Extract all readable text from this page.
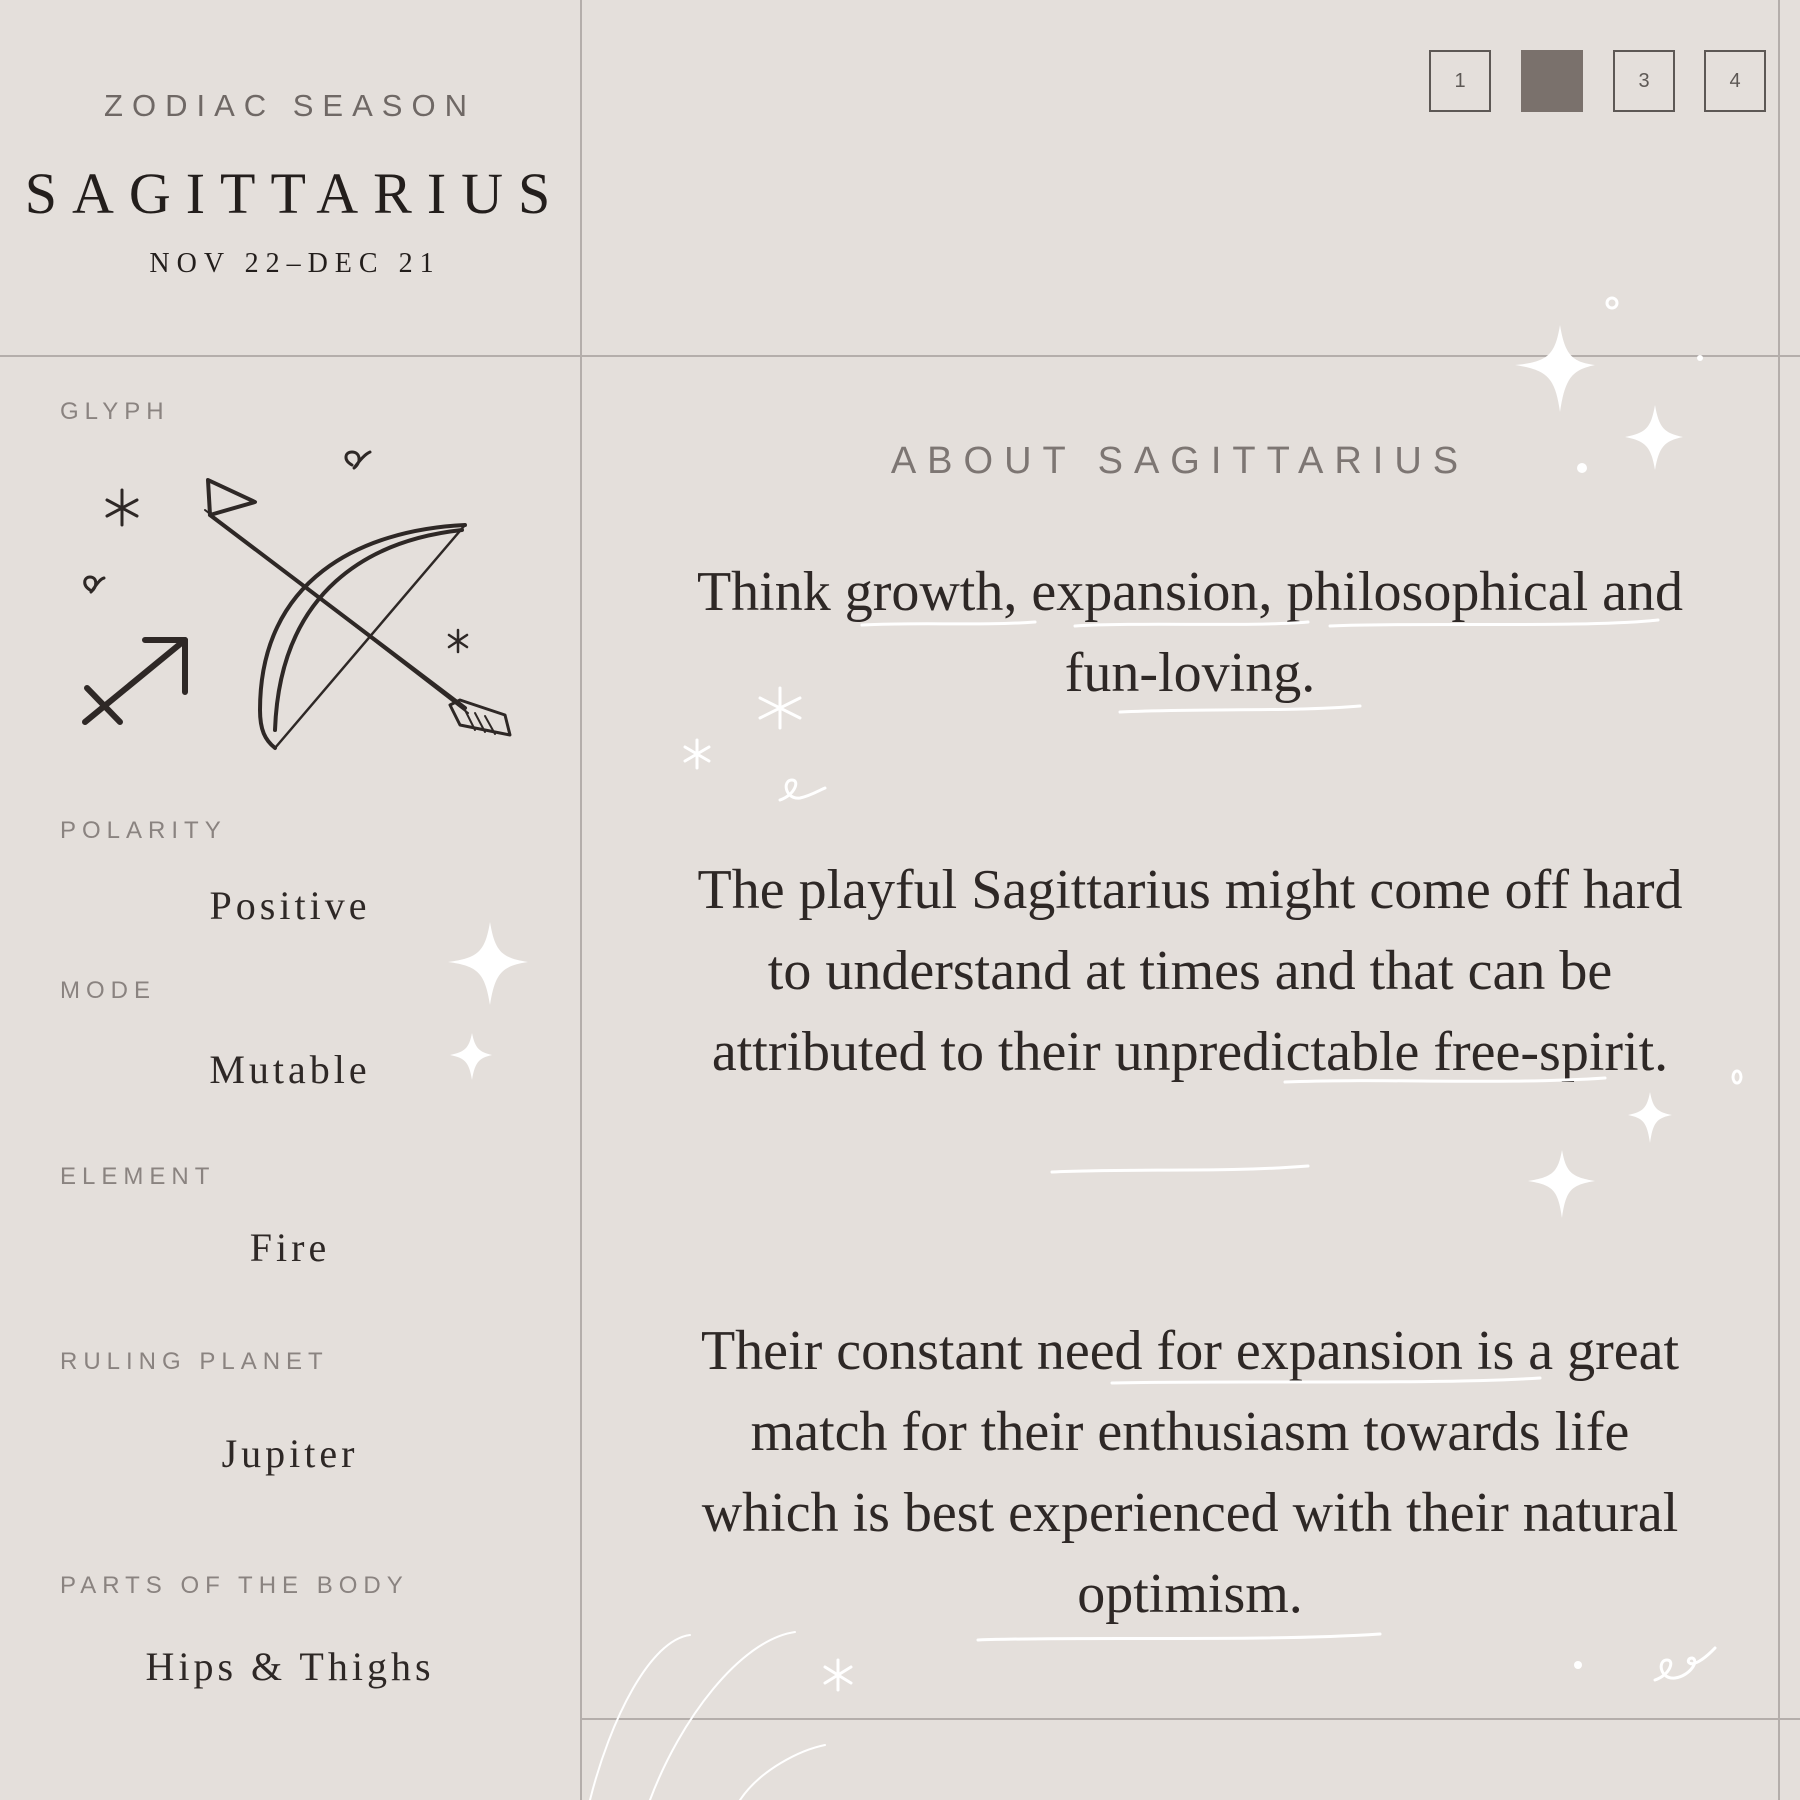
ZODIAC SEASON
SAGITTARIUS
NOV 22–DEC 21
1	3	4
GLYPH
POLARITY
Positive
MODE
Mutable
ELEMENT
Fire
RULING PLANET
Jupiter
PARTS OF THE BODY
Hips & Thighs
ABOUT SAGITTARIUS
Think growth, expansion, philosophical and fun-loving.
The playful Sagittarius might come off hard to understand at times and that can be attributed to their unpredictable free-spirit.
Their constant need for expansion is a great match for their enthusiasm towards life which is best experienced with their natural optimism.
